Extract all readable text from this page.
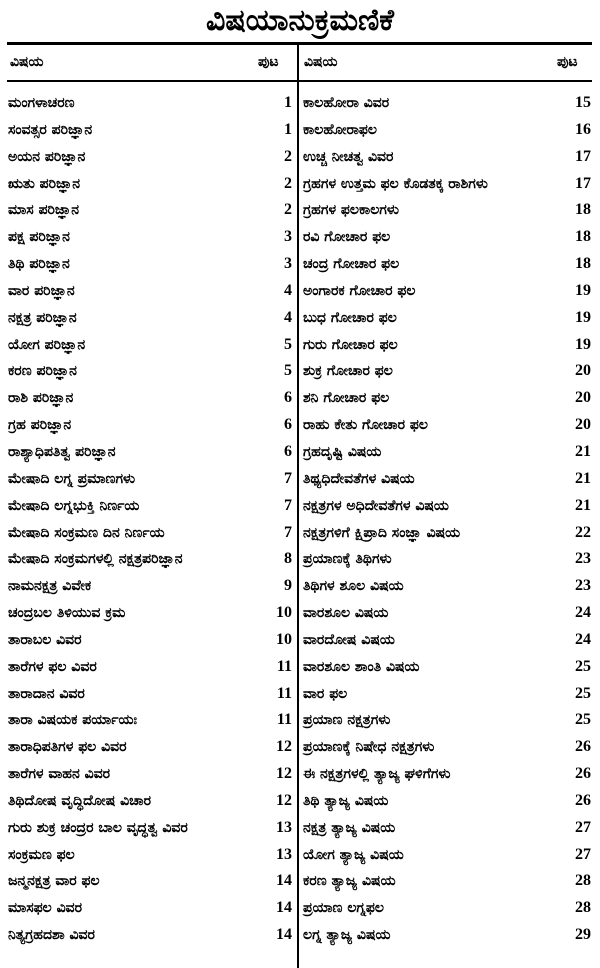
ವಿಷಯಾನುಕ್ರಮಣಿಕೆ
ವಿಷಯ	ಪುಟ ವಿಷಯ	ಪುಟ
ಮಂಗಳಾಚರಣ	1
ಸಂವತ್ಸರ ಪರಿಜ್ಞಾನ	1
ಅಯನ ಪರಿಜ್ಞಾನ	2
ಋತು ಪರಿಜ್ಞಾನ	2
ಮಾಸ ಪರಿಜ್ಞಾನ	2
ಪಕ್ಷ ಪರಿಜ್ಞಾನ	3
ತಿಥಿ ಪರಿಜ್ಞಾನ	3
ವಾರ ಪರಿಜ್ಞಾನ	4
ನಕ್ಷತ್ರ ಪರಿಜ್ಞಾನ	4
ಯೋಗ ಪರಿಜ್ಞಾನ	5
ಕರಣ ಪರಿಜ್ಞಾನ	5
ರಾಶಿ ಪರಿಜ್ಞಾನ	6
ಗ್ರಹ ಪರಿಜ್ಞಾನ	6
ರಾಶ್ಯಾಧಿಪತಿತ್ವ ಪರಿಜ್ಞಾನ	6
ಮೇಷಾದಿ ಲಗ್ನ ಪ್ರಮಾಣಗಳು	7
ಮೇಷಾದಿ ಲಗ್ನಭುಕ್ತಿ ನಿರ್ಣಯ	7
ಮೇಷಾದಿ ಸಂಕ್ರಮಣ ದಿನ ನಿರ್ಣಯ	7
ಮೇಷಾದಿ ಸಂಕ್ರಮಗಳಲ್ಲಿ ನಕ್ಷತ್ರಪರಿಜ್ಞಾನ	8
ನಾಮನಕ್ಷತ್ರ ವಿವೇಕ	9
ಚಂದ್ರಬಲ ತಿಳಿಯುವ ಕ್ರಮ	10
ತಾರಾಬಲ ವಿವರ	10
ತಾರೆಗಳ ಫಲ ವಿವರ	11
ತಾರಾದಾನ ವಿವರ	11
ತಾರಾ ವಿಷಯಕ ಪರ್ಯಾಯಃ	11
ತಾರಾಧಿಪತಿಗಳ ಫಲ ವಿವರ	12
ತಾರೆಗಳ ವಾಹನ ವಿವರ	12
ತಿಥಿದೋಷ ವೃದ್ಧಿದೋಷ ವಿಚಾರ	12
ಗುರು ಶುಕ್ರ ಚಂದ್ರರ ಬಾಲ ವೃದ್ಧತ್ವ ವಿವರ	13
ಸಂಕ್ರಮಣ ಫಲ	13
ಜನ್ಮನಕ್ಷತ್ರ ವಾರ ಫಲ	14
ಮಾಸಫಲ ವಿವರ	14
ನಿತ್ಯಗ್ರಹದಶಾ ವಿವರ	14
ಕಾಲಹೋರಾ ವಿವರ	15
ಕಾಲಹೋರಾಫಲ	16
ಉಚ್ಚ ನೀಚತ್ವ ವಿವರ	17
ಗ್ರಹಗಳ ಉತ್ತಮ ಫಲ ಕೊಡತಕ್ಕ ರಾಶಿಗಳು	17
ಗ್ರಹಗಳ ಫಲಕಾಲಗಳು	18
ರವಿ ಗೋಚಾರ ಫಲ	18
ಚಂದ್ರ ಗೋಚಾರ ಫಲ	18
ಅಂಗಾರಕ ಗೋಚಾರ ಫಲ	19
ಬುಧ ಗೋಚಾರ ಫಲ	19
ಗುರು ಗೋಚಾರ ಫಲ	19
ಶುಕ್ರ ಗೋಚಾರ ಫಲ	20
ಶನಿ ಗೋಚಾರ ಫಲ	20
ರಾಹು ಕೇತು ಗೋಚಾರ ಫಲ	20
ಗ್ರಹದೃಷ್ಟಿ ವಿಷಯ	21
ತಿಥ್ಯಧಿದೇವತೆಗಳ ವಿಷಯ	21
ನಕ್ಷತ್ರಗಳ ಅಧಿದೇವತೆಗಳ ವಿಷಯ	21
ನಕ್ಷತ್ರಗಳಿಗೆ ಕ್ಷಿಪ್ರಾದಿ ಸಂಜ್ಞಾ ವಿಷಯ	22
ಪ್ರಯಾಣಕ್ಕೆ ತಿಥಿಗಳು	23
ತಿಥಿಗಳ ಶೂಲ ವಿಷಯ	23
ವಾರಶೂಲ ವಿಷಯ	24
ವಾರದೋಷ ವಿಷಯ	24
ವಾರಶೂಲ ಶಾಂತಿ ವಿಷಯ	25
ವಾರ ಫಲ	25
ಪ್ರಯಾಣ ನಕ್ಷತ್ರಗಳು	25
ಪ್ರಯಾಣಕ್ಕೆ ನಿಷೇಧ ನಕ್ಷತ್ರಗಳು	26
ಈ ನಕ್ಷತ್ರಗಳಲ್ಲಿ ತ್ಯಾಜ್ಯ ಘಳಿಗೆಗಳು	26
ತಿಥಿ ತ್ಯಾಜ್ಯ ವಿಷಯ	26
ನಕ್ಷತ್ರ ತ್ಯಾಜ್ಯ ವಿಷಯ	27
ಯೋಗ ತ್ಯಾಜ್ಯ ವಿಷಯ	27
ಕರಣ ತ್ಯಾಜ್ಯ ವಿಷಯ	28
ಪ್ರಯಾಣ ಲಗ್ನಫಲ	28
ಲಗ್ನ ತ್ಯಾಜ್ಯ ವಿಷಯ	29
